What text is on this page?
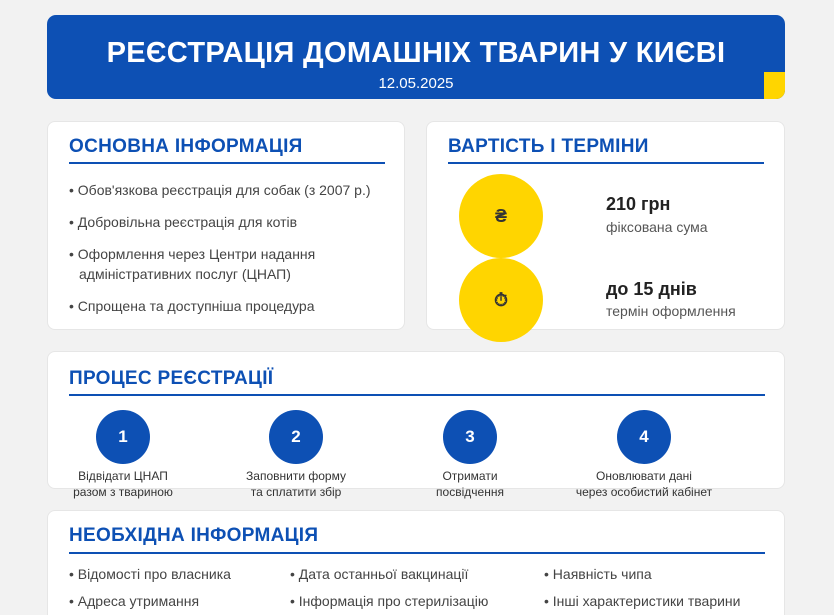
РЕЄСТРАЦІЯ ДОМАШНІХ ТВАРИН У КИЄВІ
12.05.2025
ОСНОВНА ІНФОРМАЦІЯ
• Обов'язкова реєстрація для собак (з 2007 р.)
• Добровільна реєстрація для котів
• Оформлення через Центри надання адміністративних послуг (ЦНАП)
• Спрощена та доступніша процедура
ВАРТІСТЬ І ТЕРМІНИ
₴
210 грн
фіксована сума
⏱
до 15 днів
термін оформлення
ПРОЦЕС РЕЄСТРАЦІЇ
1
Відвідати ЦНАП
разом з твариною
2
Заповнити форму
та сплатити збір
3
Отримати
посвідчення
4
Оновлювати дані
через особистий кабінет
НЕОБХІДНА ІНФОРМАЦІЯ
• Відомості про власника	• Дата останньої вакцинації	• Наявність чипа
• Адреса утримання	• Інформація про стерилізацію	• Інші характеристики тварини
